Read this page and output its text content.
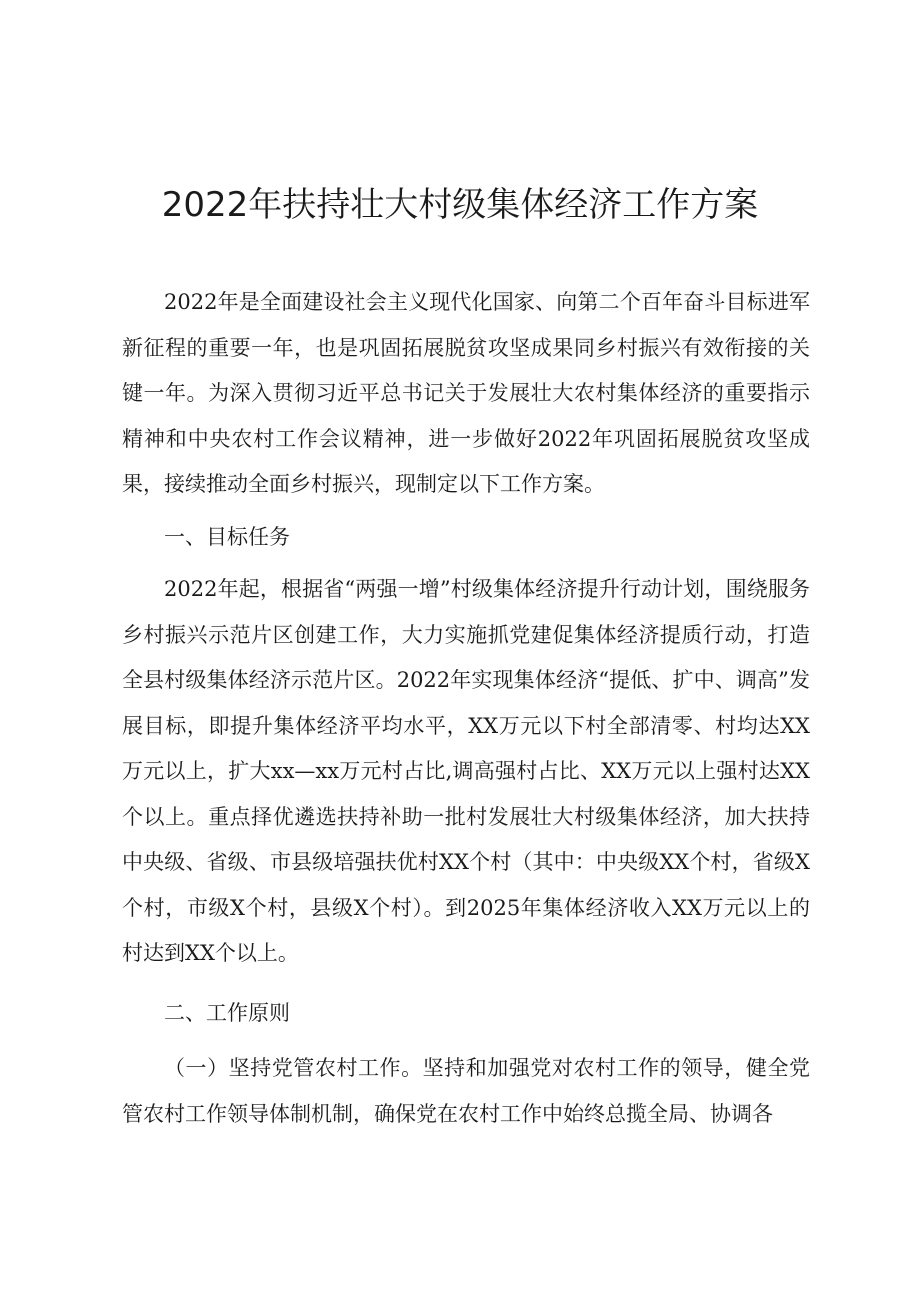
2022年扶持壮大村级集体经济工作方案

2022年是全面建设社会主义现代化国家、向第二个百年奋斗目标进军新征程的重要一年，也是巩固拓展脱贫攻坚成果同乡村振兴有效衔接的关键一年。为深入贯彻习近平总书记关于发展壮大农村集体经济的重要指示精神和中央农村工作会议精神，进一步做好2022年巩固拓展脱贫攻坚成果，接续推动全面乡村振兴，现制定以下工作方案。

一、目标任务

2022年起，根据省“两强一增”村级集体经济提升行动计划，围绕服务乡村振兴示范片区创建工作，大力实施抓党建促集体经济提质行动，打造全县村级集体经济示范片区。2022年实现集体经济“提低、扩中、调高”发展目标，即提升集体经济平均水平，XX万元以下村全部清零、村均达XX万元以上，扩大xx—xx万元村占比,调高强村占比、XX万元以上强村达XX个以上。重点择优遴选扶持补助一批村发展壮大村级集体经济，加大扶持中央级、省级、市县级培强扶优村XX个村（其中：中央级XX个村，省级X个村，市级X个村，县级X个村）。到2025年集体经济收入XX万元以上的村达到XX个以上。

二、工作原则

（一）坚持党管农村工作。坚持和加强党对农村工作的领导，健全党管农村工作领导体制机制，确保党在农村工作中始终总揽全局、协调各
